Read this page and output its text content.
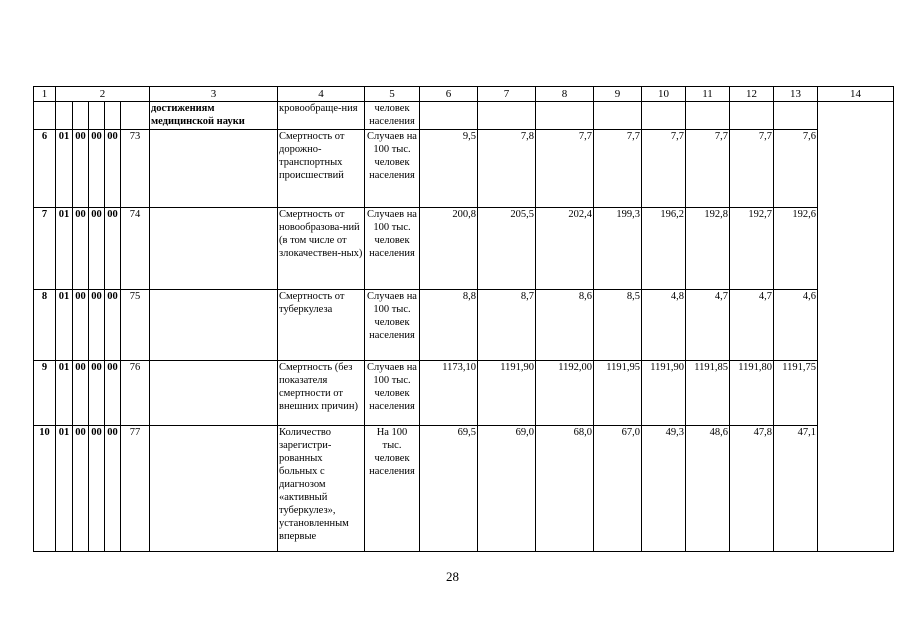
1	2					3	4	5	6	7	8	9	10	11	12	13	14
						достижениям медицинской науки	кровообраще-ния	человек населения									
6	01	00	00	00	73		Смертность от дорожно-транспортных происшествий	Случаев на 100 тыс. человек населения	9,5	7,8	7,7	7,7	7,7	7,7	7,7	7,6	
7	01	00	00	00	74		Смертность от новообразова-ний (в том числе от злокачествен-ных)	Случаев на 100 тыс. человек населения	200,8	205,5	202,4	199,3	196,2	192,8	192,7	192,6	
8	01	00	00	00	75		Смертность от туберкулеза	Случаев на 100 тыс. человек населения	8,8	8,7	8,6	8,5	4,8	4,7	4,7	4,6	
9	01	00	00	00	76		Смертность (без показателя смертности от внешних причин)	Случаев на 100 тыс. человек населения	1173,10	1191,90	1192,00	1191,95	1191,90	1191,85	1191,80	1191,75	
10	01	00	00	00	77		Количество зарегистри-рованных больных с диагнозом «активный туберкулез», установленным впервые	На 100 тыс. человек населения	69,5	69,0	68,0	67,0	49,3	48,6	47,8	47,1	
28
